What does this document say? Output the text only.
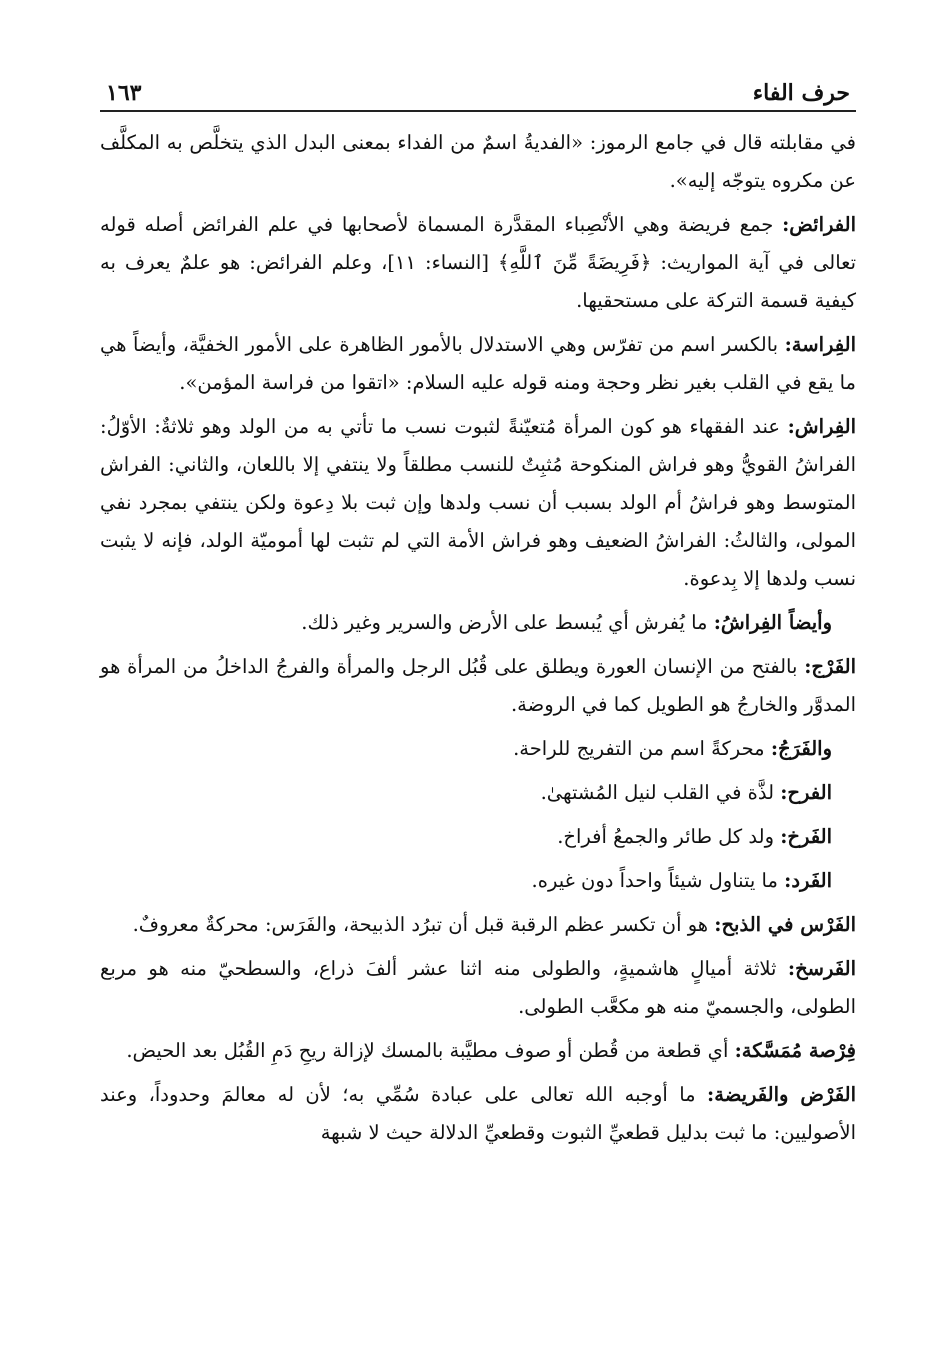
حرف الفاء
١٦٣

في مقابلته قال في جامع الرموز: «الفديةُ اسمٌ من الفداء بمعنى البدل الذي يتخلَّص به المكلَّف عن مكروه يتوجّه إليه».

الفرائض: جمع فريضة وهي الأنْصِباء المقدَّرة المسماة لأصحابها في علم الفرائض أصله قوله تعالى في آية المواريث: ﴿فَرِيضَةً مِّنَ ٱللَّهِ﴾ [النساء: ١١]، وعلم الفرائض: هو علمٌ يعرف به كيفية قسمة التركة على مستحقيها.

الفِراسة: بالكسر اسم من تفرّس وهي الاستدلال بالأمور الظاهرة على الأمور الخفيَّة، وأيضاً هي ما يقع في القلب بغير نظر وحجة ومنه قوله عليه السلام: «اتقوا من فراسة المؤمن».

الفِراش: عند الفقهاء هو كون المرأة مُتعيّنةً لثبوت نسب ما تأتي به من الولد وهو ثلاثةٌ: الأوّلُ: الفراشُ القويُّ وهو فراش المنكوحة مُثبِتٌ للنسب مطلقاً ولا ينتفي إلا باللعان، والثاني: الفراش المتوسط وهو فراشُ أم الولد بسبب أن نسب ولدها وإن ثبت بلا دِعوة ولكن ينتفي بمجرد نفي المولى، والثالثُ: الفراشُ الضعيف وهو فراش الأمة التي لم تثبت لها أموميّة الولد، فإنه لا يثبت نسب ولدها إلا بِدعوة.

وأيضاً الفِراشُ: ما يُفرش أي يُبسط على الأرض والسرير وغير ذلك.

الفَرْج: بالفتح من الإنسان العورة ويطلق على قُبُل الرجل والمرأة والفرجُ الداخلُ من المرأة هو المدوَّر والخارجُ هو الطويل كما في الروضة.

والفَرَجُ: محركةً اسم من التفريج للراحة.

الفرح: لذَّة في القلب لنيل المُشتهىٰ.

الفَرخ: ولد كل طائر والجمعُ أفراخ.

الفَرد: ما يتناول شيئاً واحداً دون غيره.

الفَرْس في الذبح: هو أن تكسر عظم الرقبة قبل أن تبرُد الذبيحة، والفَرَس: محركةٌ معروفٌ.

الفَرسخ: ثلاثة أميالٍ هاشميةٍ، والطولى منه اثنا عشر ألفَ ذراع، والسطحيّ منه هو مربع الطولى، والجسميّ منه هو مكعَّب الطولى.

فِرْصة مُمَسَّكة: أي قطعة من قُطن أو صوف مطيَّبة بالمسك لإزالة ريحِ دَمِ القُبُل بعد الحيض.

الفَرْض والفَريضة: ما أوجبه الله تعالى على عبادة سُمِّي به؛ لأن له معالمَ وحدوداً، وعند الأصوليين: ما ثبت بدليل قطعيِّ الثبوت وقطعيِّ الدلالة حيث لا شبهة
